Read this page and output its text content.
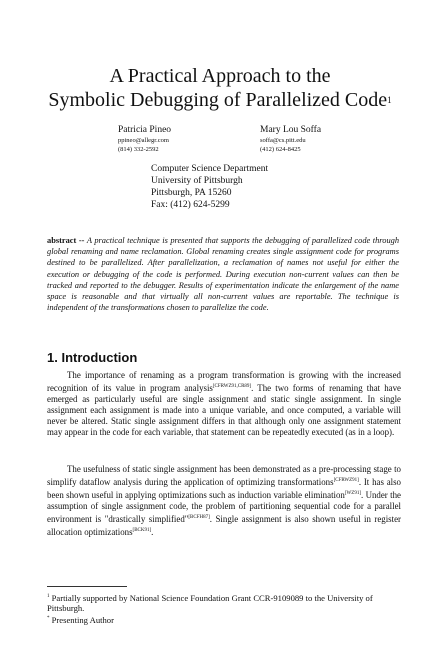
A Practical Approach to the
Symbolic Debugging of Parallelized Code$^1$
Patricia Pineo
ppineo@allegr.com
(814) 332-2592
Mary Lou Soffa
soffa@cs.pitt.edu
(412) 624-8425
Computer Science Department
University of Pittsburgh
Pittsburgh, PA 15260
Fax: (412) 624-5299
abstract -- A practical technique is presented that supports the debugging of parallelized code through global renaming and name reclamation. Global renaming creates single assignment code for programs destined to be parallelized. After parallelization, a reclamation of names not useful for either the execution or debugging of the code is performed. During execution non-current values can then be tracked and reported to the debugger. Results of experimentation indicate the enlargement of the name space is reasonable and that virtually all non-current values are reportable. The technique is independent of the transformations chosen to parallelize the code.
1. Introduction
The importance of renaming as a program transformation is growing with the increased recognition of its value in program analysis[CFRWZ91,CR89]. The two forms of renaming that have emerged as particularly useful are single assignment and static single assignment. In single assignment each assignment is made into a unique variable, and once computed, a variable will never be altered. Static single assignment differs in that although only one assignment statement may appear in the code for each variable, that statement can be repeatedly executed (as in a loop).
The usefulness of static single assignment has been demonstrated as a pre-processing stage to simplify dataflow analysis during the application of optimizing transformations[CFRWZ91]. It has also been shown useful in applying optimizations such as induction variable elimination[WZ91]. Under the assumption of single assignment code, the problem of partitioning sequential code for a parallel environment is "drastically simplified"[BCFH87]. Single assignment is also shown useful in register allocation optimizations[BCK91].
$^1$ Partially supported by National Science Foundation Grant CCR-9109089 to the University of Pittsburgh.
* Presenting Author
